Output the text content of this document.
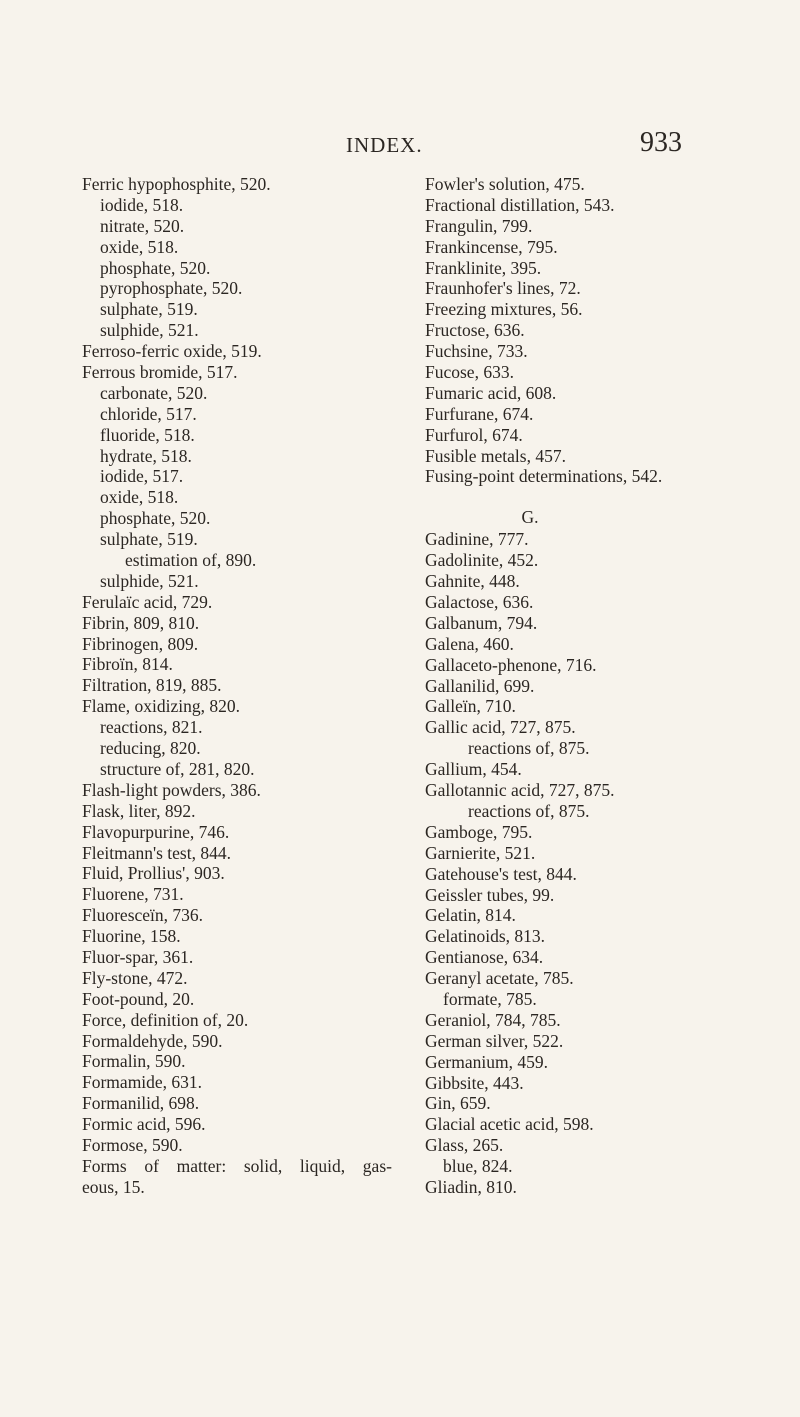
INDEX.	933
Ferric hypophosphite, 520.
iodide, 518.
nitrate, 520.
oxide, 518.
phosphate, 520.
pyrophosphate, 520.
sulphate, 519.
sulphide, 521.
Ferroso-ferric oxide, 519.
Ferrous bromide, 517.
carbonate, 520.
chloride, 517.
fluoride, 518.
hydrate, 518.
iodide, 517.
oxide, 518.
phosphate, 520.
sulphate, 519.
estimation of, 890.
sulphide, 521.
Ferulaïc acid, 729.
Fibrin, 809, 810.
Fibrinogen, 809.
Fibroïn, 814.
Filtration, 819, 885.
Flame, oxidizing, 820.
reactions, 821.
reducing, 820.
structure of, 281, 820.
Flash-light powders, 386.
Flask, liter, 892.
Flavopurpurine, 746.
Fleitmann's test, 844.
Fluid, Prollius', 903.
Fluorene, 731.
Fluoresceïn, 736.
Fluorine, 158.
Fluor-spar, 361.
Fly-stone, 472.
Foot-pound, 20.
Force, definition of, 20.
Formaldehyde, 590.
Formalin, 590.
Formamide, 631.
Formanilid, 698.
Formic acid, 596.
Formose, 590.
Forms of matter: solid, liquid, gas-
eous, 15.
Fowler's solution, 475.
Fractional distillation, 543.
Frangulin, 799.
Frankincense, 795.
Franklinite, 395.
Fraunhofer's lines, 72.
Freezing mixtures, 56.
Fructose, 636.
Fuchsine, 733.
Fucose, 633.
Fumaric acid, 608.
Furfurane, 674.
Furfurol, 674.
Fusible metals, 457.
Fusing-point determinations, 542.
G.
Gadinine, 777.
Gadolinite, 452.
Gahnite, 448.
Galactose, 636.
Galbanum, 794.
Galena, 460.
Gallaceto-phenone, 716.
Gallanilid, 699.
Galleïn, 710.
Gallic acid, 727, 875.
reactions of, 875.
Gallium, 454.
Gallotannic acid, 727, 875.
reactions of, 875.
Gamboge, 795.
Garnierite, 521.
Gatehouse's test, 844.
Geissler tubes, 99.
Gelatin, 814.
Gelatinoids, 813.
Gentianose, 634.
Geranyl acetate, 785.
formate, 785.
Geraniol, 784, 785.
German silver, 522.
Germanium, 459.
Gibbsite, 443.
Gin, 659.
Glacial acetic acid, 598.
Glass, 265.
blue, 824.
Gliadin, 810.
